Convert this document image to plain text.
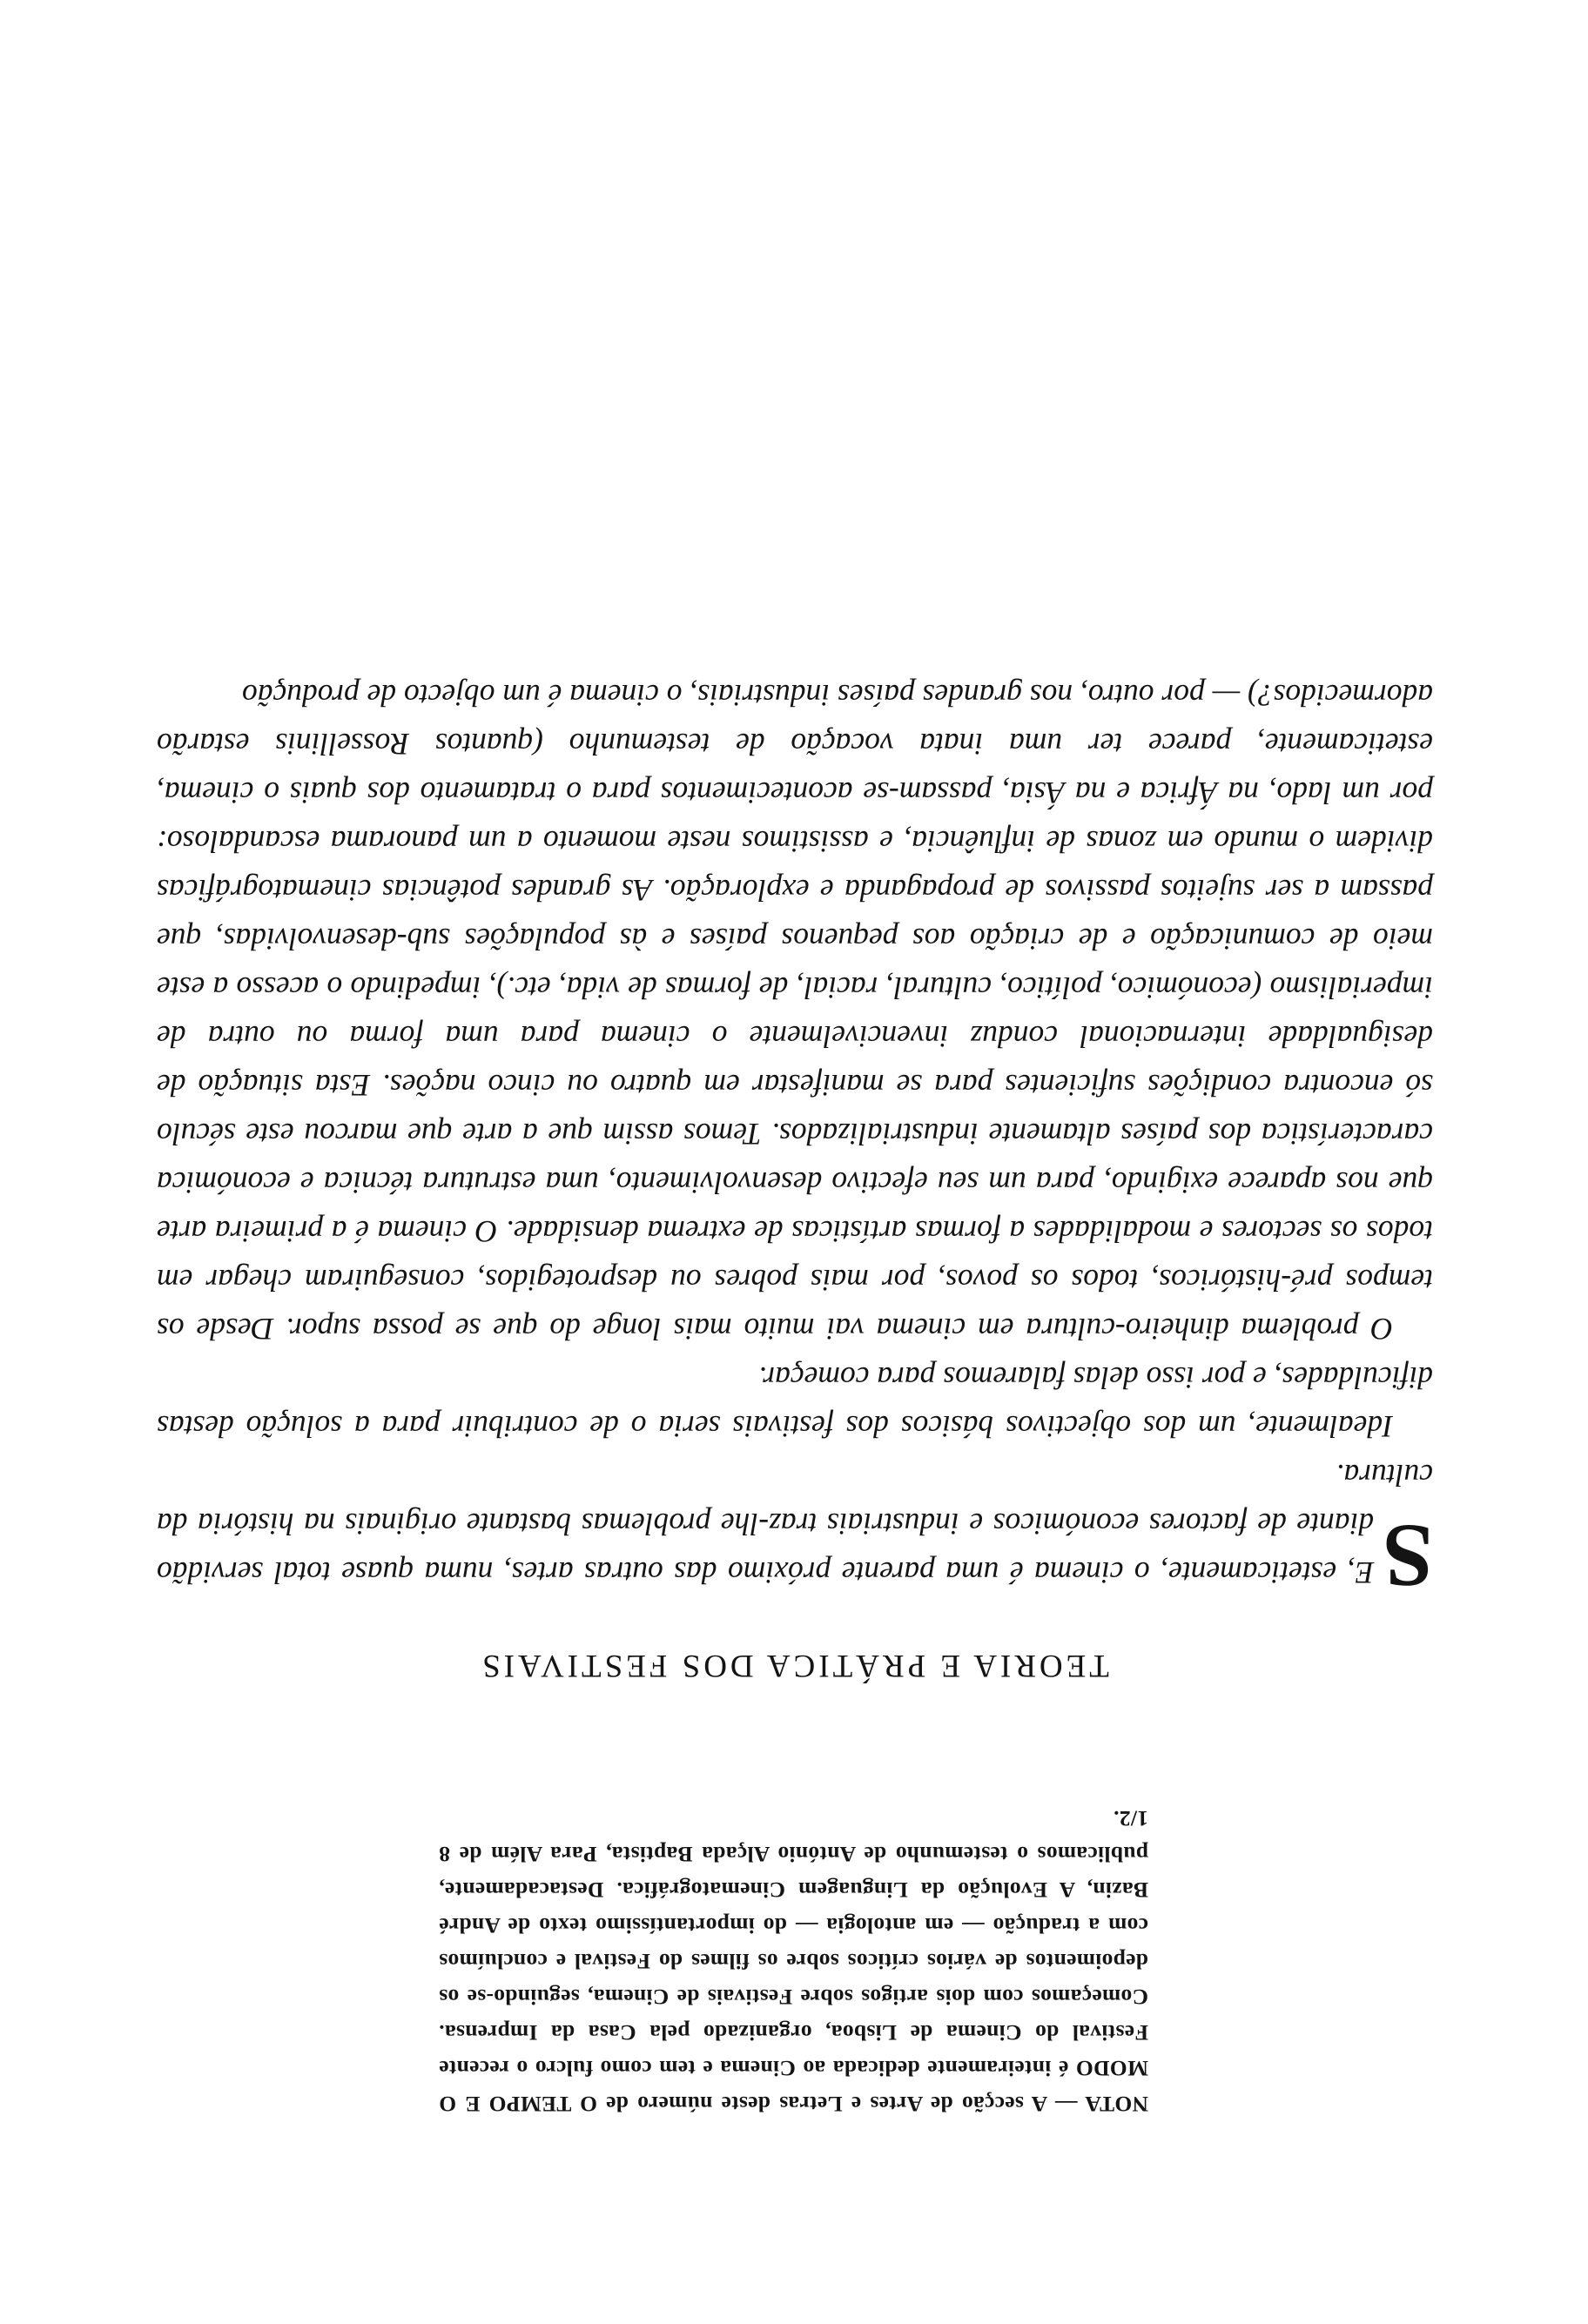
NOTA — A secção de Artes e Letras deste número de O TEMPO E O MODO é inteiramente dedicada ao Cinema e tem como fulcro o recente Festival do Cinema de Lisboa, organizado pela Casa da Imprensa. Começamos com dois artigos sobre Festivais de Cinema, seguindo-se os depoimentos de vários críticos sobre os filmes do Festival e concluímos com a tradução — em antologia — do importantíssimo texto de André Bazin, A Evolução da Linguagem Cinematográfica. Destacadamente, publicamos o testemunho de António Alçada Baptista, Para Além de 8 1/2.

TEORIA E PRÁTICA DOS FESTIVAIS

S
E, esteticamente, o cinema é uma parente próximo das outras artes, numa quase total servidão diante de factores económicos e industriais traz-lhe problemas bastante originais na história da cultura.

Idealmente, um dos objectivos básicos dos festivais seria o de contribuir para a solução destas dificuldades, e por isso delas falaremos para começar.

O problema dinheiro-cultura em cinema vai muito mais longe do que se possa supor. Desde os tempos pré-históricos, todos os povos, por mais pobres ou desprotegidos, conseguiram chegar em todos os sectores e modalidades a formas artísticas de extrema densidade. O cinema é a primeira arte que nos aparece exigindo, para um seu efectivo desenvolvimento, uma estrutura técnica e económica característica dos países altamente industrializados. Temos assim que a arte que marcou este século só encontra condições suficientes para se manifestar em quatro ou cinco nações. Esta situação de desigualdade internacional conduz invencivelmente o cinema para uma forma ou outra de imperialismo (económico, político, cultural, racial, de formas de vida, etc.), impedindo o acesso a este meio de comunicação e de criação aos pequenos países e às populações sub-desenvolvidas, que passam a ser sujeitos passivos de propaganda e exploração. As grandes potências cinematográficas dividem o mundo em zonas de influência, e assistimos neste momento a um panorama escandaloso: por um lado, na África e na Ásia, passam-se acontecimentos para o tratamento dos quais o cinema, esteticamente, parece ter uma inata vocação de testemunho (quantos Rossellinis estarão adormecidos?) — por outro, nos grandes países industriais, o cinema é um objecto de produção
